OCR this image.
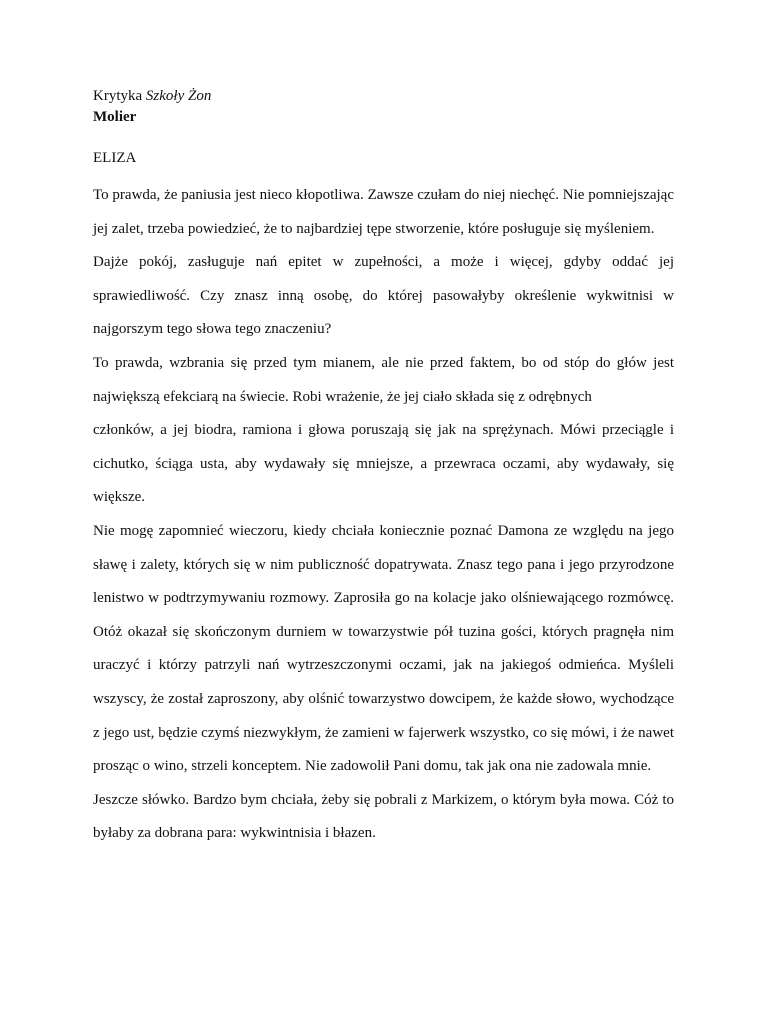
Krytyka Szkoły Żon

Molier

ELIZA

To prawda, że paniusia jest nieco kłopotliwa. Zawsze czułam do niej niechęć. Nie pomniejszając jej zalet, trzeba powiedzieć, że to najbardziej tępe stworzenie, które posługuje się myśleniem.

Dajże pokój, zasługuje nań epitet w zupełności, a może i więcej, gdyby oddać jej sprawiedliwość. Czy znasz inną osobę, do której pasowałyby określenie wykwitnisi w najgorszym tego słowa tego znaczeniu?

To prawda, wzbrania się przed tym mianem, ale nie przed faktem, bo od stóp do głów jest największą efekciarą na świecie. Robi wrażenie, że jej ciało składa się z odrębnych

członków, a jej biodra, ramiona i głowa poruszają się jak na sprężynach. Mówi przeciągle i cichutko, ściąga usta, aby wydawały się mniejsze, a przewraca oczami, aby wydawały, się większe.

Nie mogę zapomnieć wieczoru, kiedy chciała koniecznie poznać Damona ze względu na jego sławę i zalety, których się w nim publiczność dopatrywata. Znasz tego pana i jego przyrodzone lenistwo w podtrzymywaniu rozmowy. Zaprosiła go na kolacje jako olśniewającego rozmówcę. Otóż okazał się skończonym durniem w towarzystwie pół tuzina gości, których pragnęła nim uraczyć i którzy patrzyli nań wytrzeszczonymi oczami, jak na jakiegoś odmieńca. Myśleli wszyscy, że został zaproszony, aby olśnić towarzystwo dowcipem, że każde słowo, wychodzące z jego ust, będzie czymś niezwykłym, że zamieni w fajerwerk wszystko, co się mówi, i że nawet prosząc o wino, strzeli konceptem. Nie zadowolił Pani domu, tak jak ona nie zadowala mnie.

Jeszcze słówko. Bardzo bym chciała, żeby się pobrali z Markizem, o którym była mowa. Cóż to byłaby za dobrana para: wykwintnisia i błazen.
